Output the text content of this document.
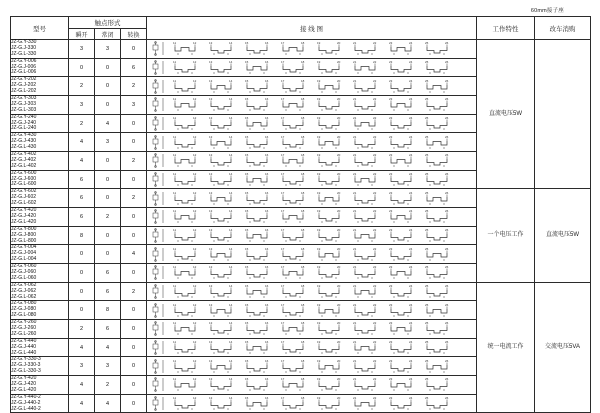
60mm接子座
型号	触点形式			接 线 图	工作特性	改车消购
	瞬开	常闭	转换			

JZ-G.Y-330
JZ-G.J-330
JZ-G.L-330
	3	3	0	
11	12	13	14	15	16	17	18	19	20	21	22	23	24	25	26

直流电压5W

JZ-G.Y-006
JZ-G.J-006
JZ-G.L-006
	0	0	6	
11	12	13	14	15	16	17	18	19	20	21	22	23	24	25	26

JZ-G.Y-202
JZ-G.J-202
JZ-G.L-202
	2	0	2	
11	12	13	14	15	16	17	18	19	20	21	22	23	24	25	26

JZ-G.Y-303
JZ-G.J-303
JZ-G.L-303
	3	0	3	
11	12	13	14	15	16	17	18	19	20	21	22	23	24	25	26

JZ-G.Y-240
JZ-G.J-240
JZ-G.L-240
	2	4	0	
11	12	13	14	15	16	17	18	19	20	21	22	23	24	25	26

JZ-G.Y-430
JZ-G.J-430
JZ-G.L-430
	4	3	0	
11	12	13	14	15	16	17	18	19	20	21	22	23	24	25	26

JZ-G.Y-402
JZ-G.J-402
JZ-G.L-402
	4	0	2	
11	12	13	14	15	16	17	18	19	20	21	22	23	24	25	26

JZ-G.Y-600
JZ-G.J-600
JZ-G.L-600
	6	0	0	
11	12	13	14	15	16	17	18	19	20	21	22	23	24	25	26

JZ-G.Y-602
JZ-G.J-602
JZ-G.L-602
	6	0	2	
11	12	13	14	15	16	17	18	19	20	21	22	23	24	25	26

一个电压工作	直流电压5W

JZ-G.Y-420
JZ-G.J-420
JZ-G.L-420
	6	2	0	
11	12	13	14	15	16	17	18	19	20	21	22	23	24	25	26

JZ-G.Y-800
JZ-G.J-800
JZ-G.L-800
	8	0	0	
11	12	13	14	15	16	17	18	19	20	21	22	23	24	25	26

JZ-G.Y-004
JZ-G.J-004
JZ-G.L-004
	0	0	4	
11	12	13	14	15	16	17	18	19	20	21	22	23	24	25	26

JZ-G.Y-060
JZ-G.J-060
JZ-G.L-060
	0	6	0	
11	12	13	14	15	16	17	18	19	20	21	22	23	24	25	26

JZ-G.Y-062
JZ-G.J-062
JZ-G.L-062
	0	6	2	
11	12	13	14	15	16	17	18	19	20	21	22	23	24	25	26

统一电流工作	交流电压5VA

JZ-G.Y-080
JZ-G.J-080
JZ-G.L-080
	0	8	0	
11	12	13	14	15	16	17	18	19	20	21	22	23	24	25	26

JZ-G.Y-260
JZ-G.J-260
JZ-G.L-260
	2	6	0	
11	12	13	14	15	16	17	18	19	20	21	22	23	24	25	26

JZ-G.Y-440
JZ-G.J-440
JZ-G.L-440
	4	4	0	
11	12	13	14	15	16	17	18	19	20	21	22	23	24	25	26

JZ-G.Y-330-3
JZ-G.J-330-3
JZ-G.L-330-3
	3	3	0	
11	12	13	14	15	16	17	18	19	20	21	22	23	24	25	26

JZ-G.Y-420
JZ-G.J-420
JZ-G.L-420
	4	2	0	
11	12	13	14	15	16	17	18	19	20	21	22	23	24	25	26

JZ-G.Y-440-2
JZ-G.J-440-2
JZ-G.L-440-2
	4	4	0	
11	12	13	14	15	16	17	18	19	20	21	22	23	24	25	26
